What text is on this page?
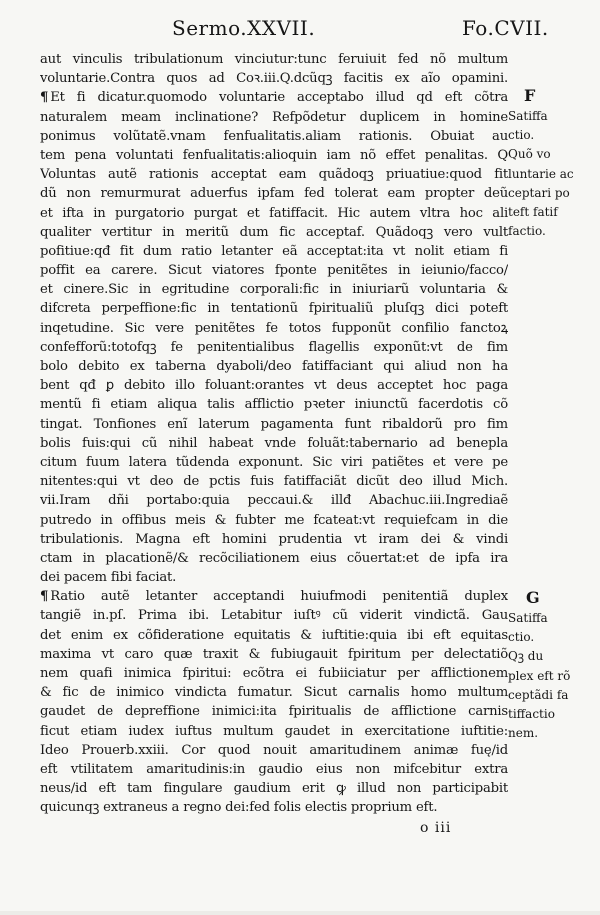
Sermo.XXVII.	Fo.CVII.
aut vinculis tribulationum vinciutur:tunc feruiuit fed nõ multum
voluntarie.Contra quos ad Coꝛ.iii.Q.dcũqꝫ facitis ex aĩo opamini.
¶ Et fi dicatur.quomodo voluntarie acceptabo illud qd eft cõtra
naturalem meam inclinatione? Refpõdetur duplicem in homine
ponimus volũtatẽ.vnam fenfualitatis.aliam rationis. Obuiat au
tem pena voluntati fenfualitatis:alioquin iam nõ effet penalitas. Q
Voluntas autẽ rationis acceptat eam quãdoqꝫ priuatiue:quod fit
dũ non remurmurat aduerfus ipfam fed tolerat eam propter deũ
et ifta in purgatorio purgat et fatiffacit. Hic autem vltra hoc ali
qualiter vertitur in meritũ dum fic acceptaf. Quãdoqꝫ vero vult
pofitiue:qđ fit dum ratio letanter eã acceptat:ita vt nolit etiam fi
poffit ea carere. Sicut viatores fponte penitẽtes in ieiunio/facco/
et cinere.Sic in egritudine corporali:fic in iniuriarũ voluntaria &
difcreta perpeffione:fic in tentationũ fpiritualiũ pluſqꝫ dici poteft
inqetudine. Sic vere penitẽtes fe totos fupponũt confilio fanctoꝝ
confefforũ:totofqꝫ fe penitentialibus flagellis exponũt:vt de fim
bolo debito ex taberna dyaboli/deo fatiffaciant qui aliud non ha
bent qđ ꝑ debito illo foluant:orantes vt deus acceptet hoc paga
mentũ fi etiam aliqua talis afflictio pꝛeter iniunctũ facerdotis cõ
tingat. Tonfiones enĩ laterum pagamenta funt ribaldorũ pro fim
bolis fuis:qui cũ nihil habeat vnde foluãt:tabernario ad benepla
citum fuum latera tũdenda exponunt. Sic viri patiẽtes et vere pe
nitentes:qui vt deo de pctis fuis fatiffaciãt dicũt deo illud Mich.
vii.Iram dñi portabo:quia peccaui.& illđ Abachuc.iii.Ingrediaẽ
putredo in offibus meis & fubter me fcateat:vt requiefcam in die
tribulationis. Magna eft homini prudentia vt iram dei & vindi
ctam in placationẽ/& recõciliationem eius cõuertat:et de ipfa ira
dei pacem fibi faciat.
¶ Ratio autẽ letanter acceptandi huiufmodi penitentiã duplex
tangiẽ in.pſ. Prima ibi. Letabitur iuſtꝰ cũ viderit vindictã. Gau
det enim ex cõfideratione equitatis & iuftitie:quia ibi eft equitas
maxima vt caro quæ traxit & fubiugauit fpiritum per delectatiõ
nem quafi inimica fpiritui: ecõtra ei fubiiciatur per afflictionem
& fic de inimico vindicta fumatur. Sicut carnalis homo multum
gaudet de depreffione inimici:ita fpiritualis de afflictione carnis
ficut etiam iudex iuftus multum gaudet in exercitatione iuftitie:
Ideo Prouerb.xxiii. Cor quod nouit amaritudinem animæ fuę/id
eft vtilitatem amaritudinis:in gaudio eius non mifcebitur extra
neus/id eft tam fingulare gaudium erit ꝙ illud non participabit
quicunqꝫ extraneus a regno dei:fed folis electis proprium eft.
F
Satiffa
ctio.
Quõ vo
luntarie ac
ceptari po
teft fatif
factio.
G
Satiffa
ctio.
Qꝫ du
plex eft rõ
ceptãdi fa
tiffactio
nem.
o iii
